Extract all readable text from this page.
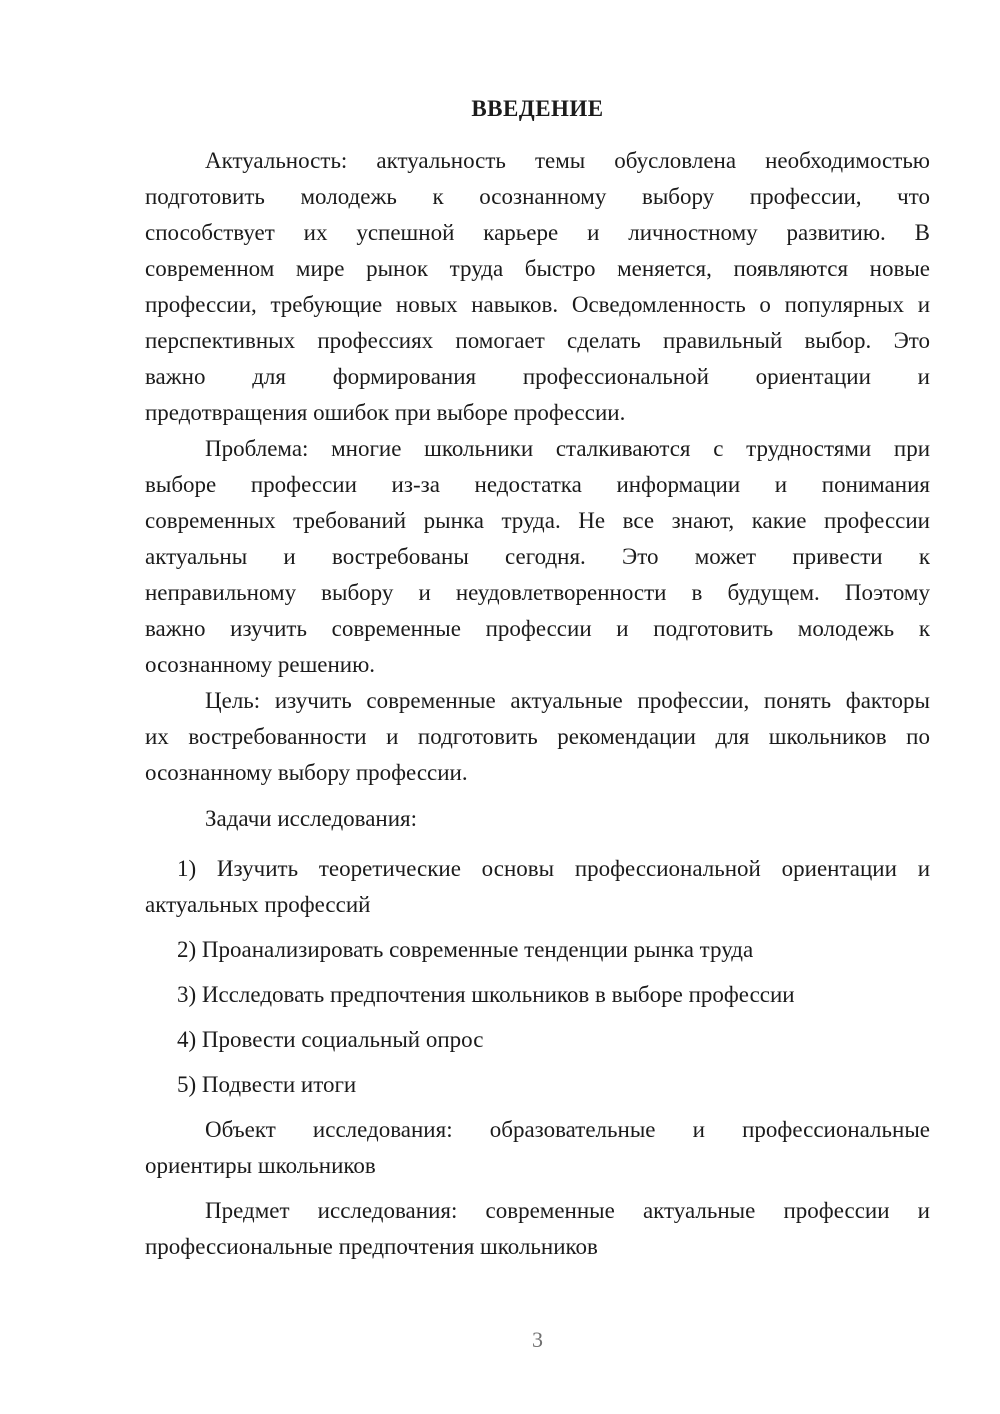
ВВЕДЕНИЕ
Актуальность: актуальность темы обусловлена необходимостью
подготовить молодежь к осознанному выбору профессии, что
способствует их успешной карьере и личностному развитию. В
современном мире рынок труда быстро меняется, появляются новые
профессии, требующие новых навыков. Осведомленность о популярных и
перспективных профессиях помогает сделать правильный выбор. Это
важно для формирования профессиональной ориентации и
предотвращения ошибок при выборе профессии.
Проблема: многие школьники сталкиваются с трудностями при
выборе профессии из-за недостатка информации и понимания
современных требований рынка труда. Не все знают, какие профессии
актуальны и востребованы сегодня. Это может привести к
неправильному выбору и неудовлетворенности в будущем. Поэтому
важно изучить современные профессии и подготовить молодежь к
осознанному решению.
Цель: изучить современные актуальные профессии, понять факторы
их востребованности и подготовить рекомендации для школьников по
осознанному выбору профессии.
Задачи исследования:
1) Изучить теоретические основы профессиональной ориентации и
актуальных профессий
2) Проанализировать современные тенденции рынка труда
3) Исследовать предпочтения школьников в выборе профессии
4) Провести социальный опрос
5) Подвести итоги
Объект исследования: образовательные и профессиональные
ориентиры школьников
Предмет исследования: современные актуальные профессии и
профессиональные предпочтения школьников
3
